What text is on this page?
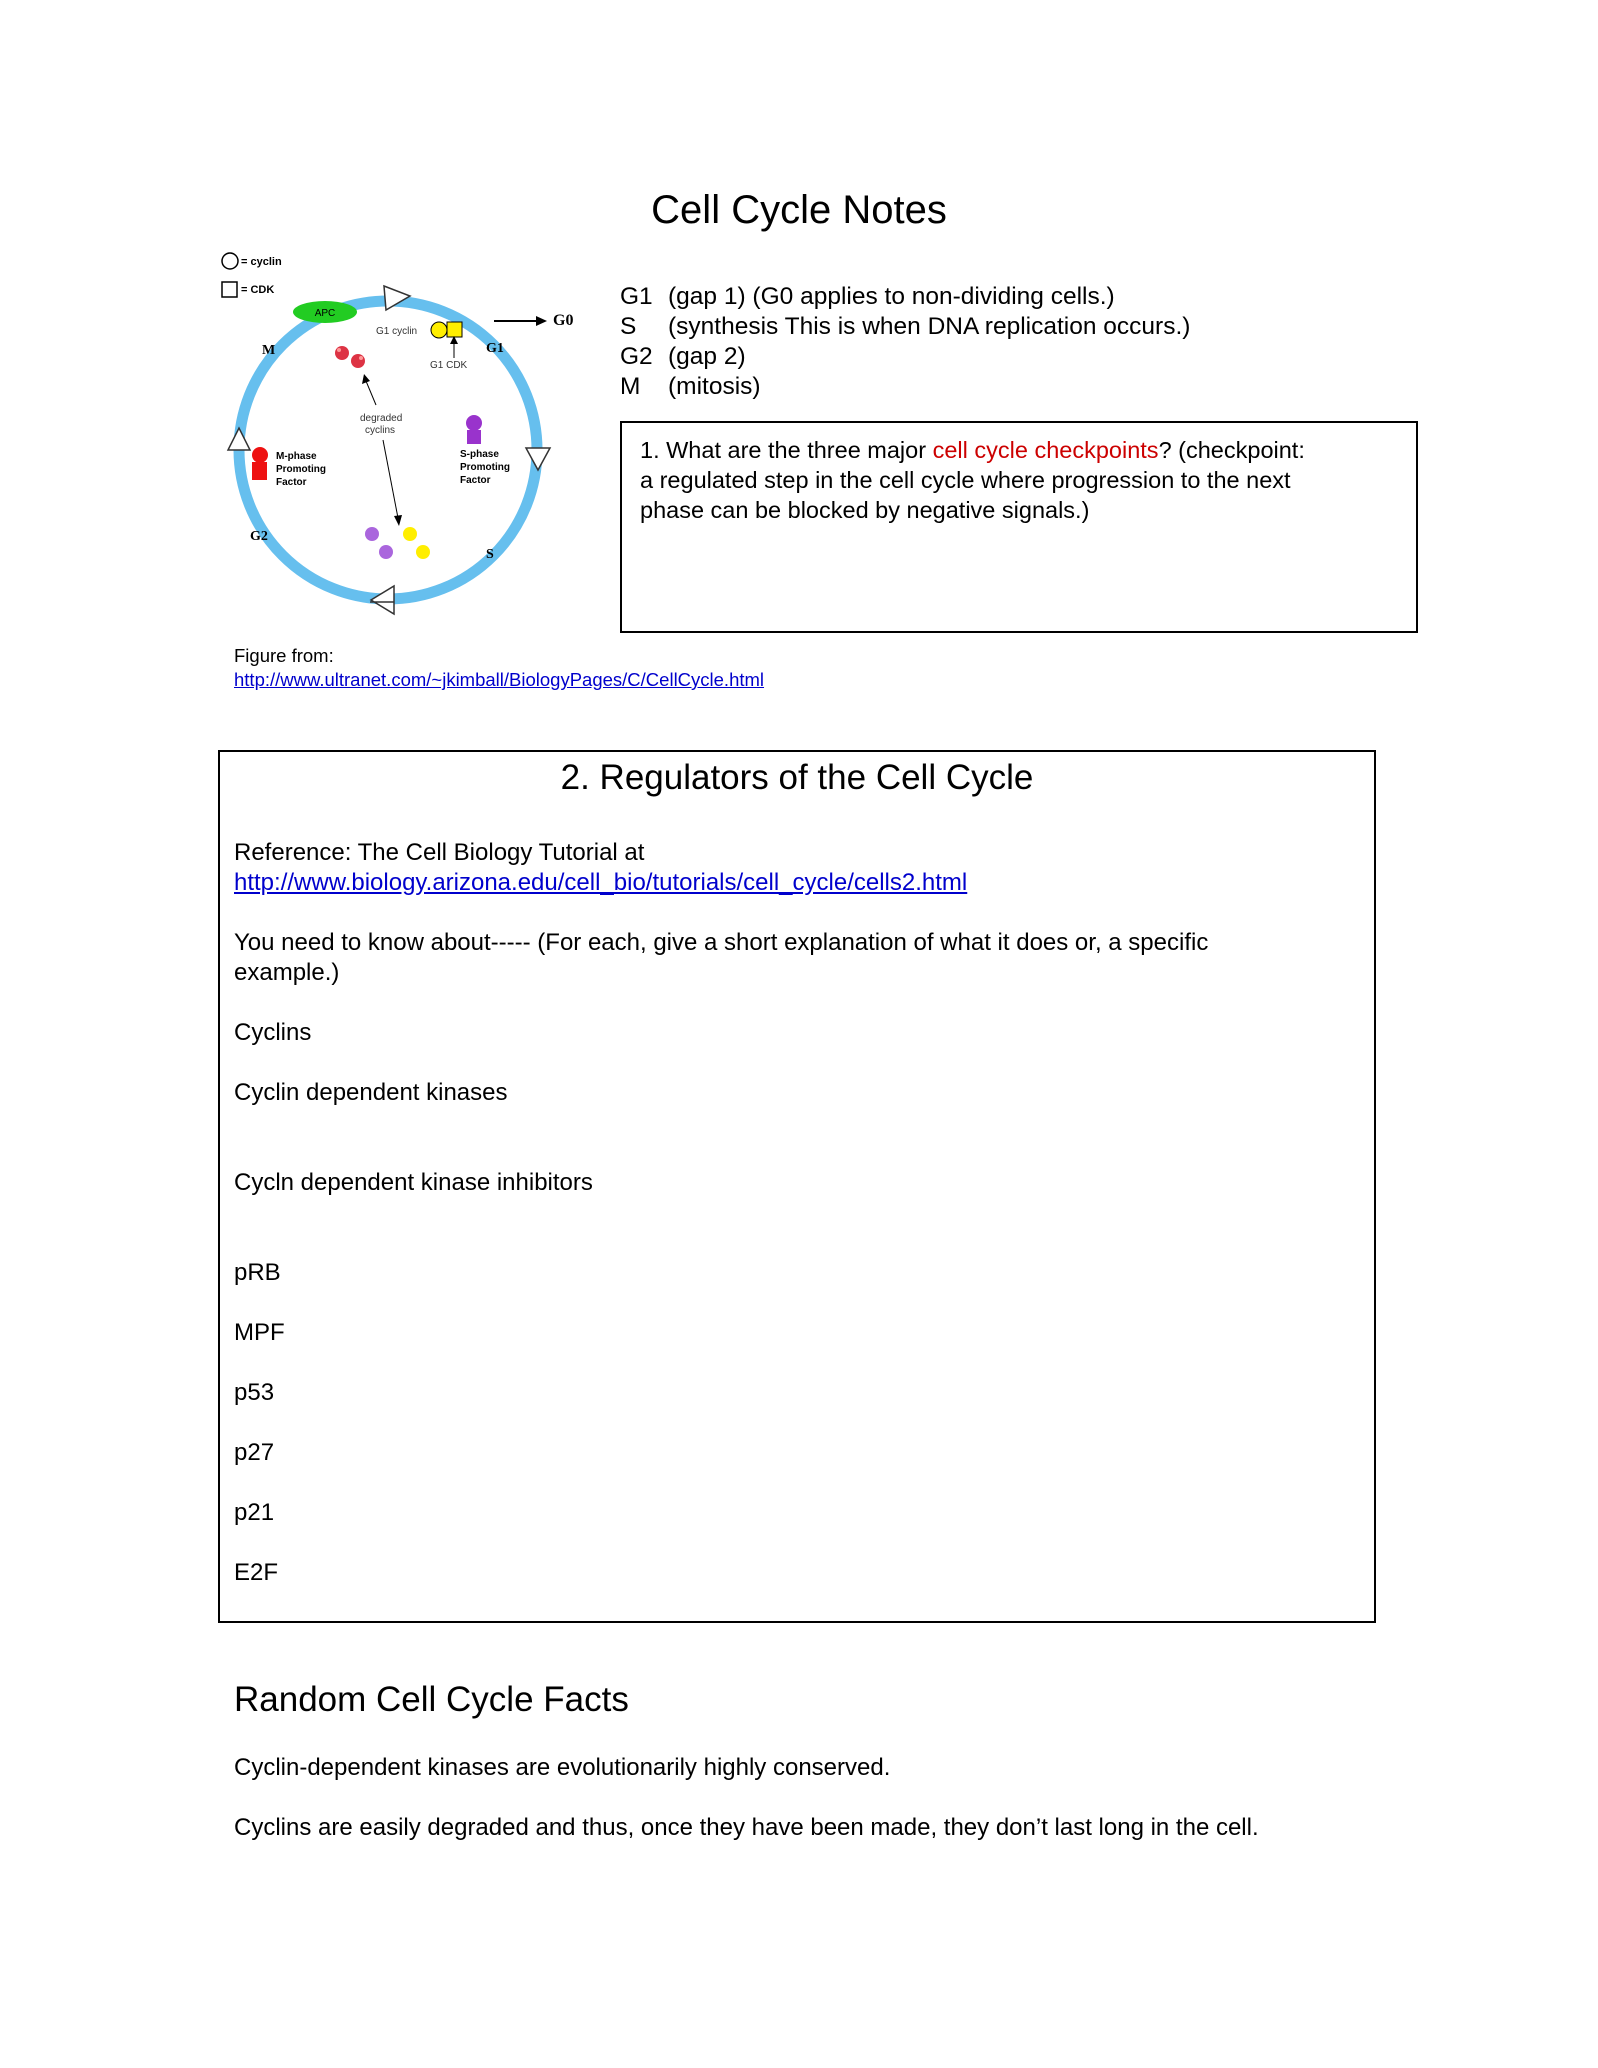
Cell Cycle Notes
= cyclin
= CDK
APC
M	G1
G0
G2
S
G1 cyclin
G1 CDK
degraded
cyclins
M-phase
Promoting
Factor
S-phase
Promoting
Factor
G1 (gap 1) (G0 applies to non-dividing cells.)
S (synthesis This is when DNA replication occurs.)
G2 (gap 2)
M (mitosis)
1. What are the three major cell cycle checkpoints? (checkpoint:
a regulated step in the cell cycle where progression to the next
phase can be blocked by negative signals.)
Figure from:
http://www.ultranet.com/~jkimball/BiologyPages/C/CellCycle.html
2. Regulators of the Cell Cycle
Reference: The Cell Biology Tutorial at
http://www.biology.arizona.edu/cell_bio/tutorials/cell_cycle/cells2.html
You need to know about----- (For each, give a short explanation of what it does or, a specific
example.)
Cyclins
Cyclin dependent kinases
Cycln dependent kinase inhibitors
pRB
MPF
p53
p27
p21
E2F
Random Cell Cycle Facts
Cyclin-dependent kinases are evolutionarily highly conserved.
Cyclins are easily degraded and thus, once they have been made, they don’t last long in the cell.
